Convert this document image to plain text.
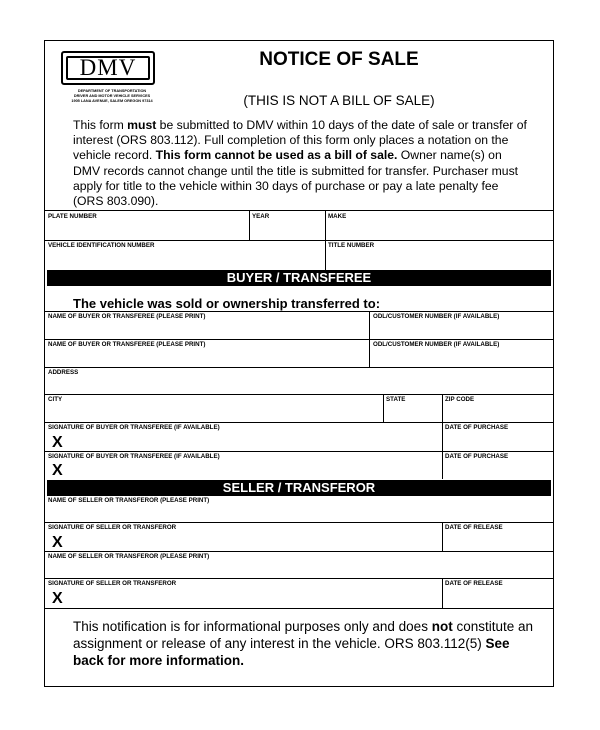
DMV
DEPARTMENT OF TRANSPORTATION
DRIVER AND MOTOR VEHICLE SERVICES
1905 LANA AVENUE, SALEM OREGON 97314
NOTICE OF SALE
(THIS IS NOT A BILL OF SALE)
This form must be submitted to DMV within 10 days of the date of sale or transfer of interest (ORS 803.112). Full completion of this form only places a notation on the vehicle record. This form cannot be used as a bill of sale. Owner name(s) on DMV records cannot change until the title is submitted for transfer. Purchaser must apply for title to the vehicle within 30 days of purchase or pay a late penalty fee (ORS 803.090).
PLATE NUMBER	YEAR	MAKE
VEHICLE IDENTIFICATION NUMBER	TITLE NUMBER
BUYER / TRANSFEREE
The vehicle was sold or ownership transferred to:
NAME OF BUYER OR TRANSFEREE (PLEASE PRINT)	ODL/CUSTOMER NUMBER (IF AVAILABLE)
NAME OF BUYER OR TRANSFEREE (PLEASE PRINT)	ODL/CUSTOMER NUMBER (IF AVAILABLE)
ADDRESS
CITY	STATE	ZIP CODE
SIGNATURE OF BUYER OR TRANSFEREE (IF AVAILABLE)	DATE OF PURCHASE
X
SIGNATURE OF BUYER OR TRANSFEREE (IF AVAILABLE)	DATE OF PURCHASE
X
SELLER / TRANSFEROR
NAME OF SELLER OR TRANSFEROR (PLEASE PRINT)
SIGNATURE OF SELLER OR TRANSFEROR	DATE OF RELEASE
X
NAME OF SELLER OR TRANSFEROR (PLEASE PRINT)
SIGNATURE OF SELLER OR TRANSFEROR	DATE OF RELEASE
X
This notification is for informational purposes only and does not constitute an assignment or release of any interest in the vehicle. ORS 803.112(5) See back for more information.
